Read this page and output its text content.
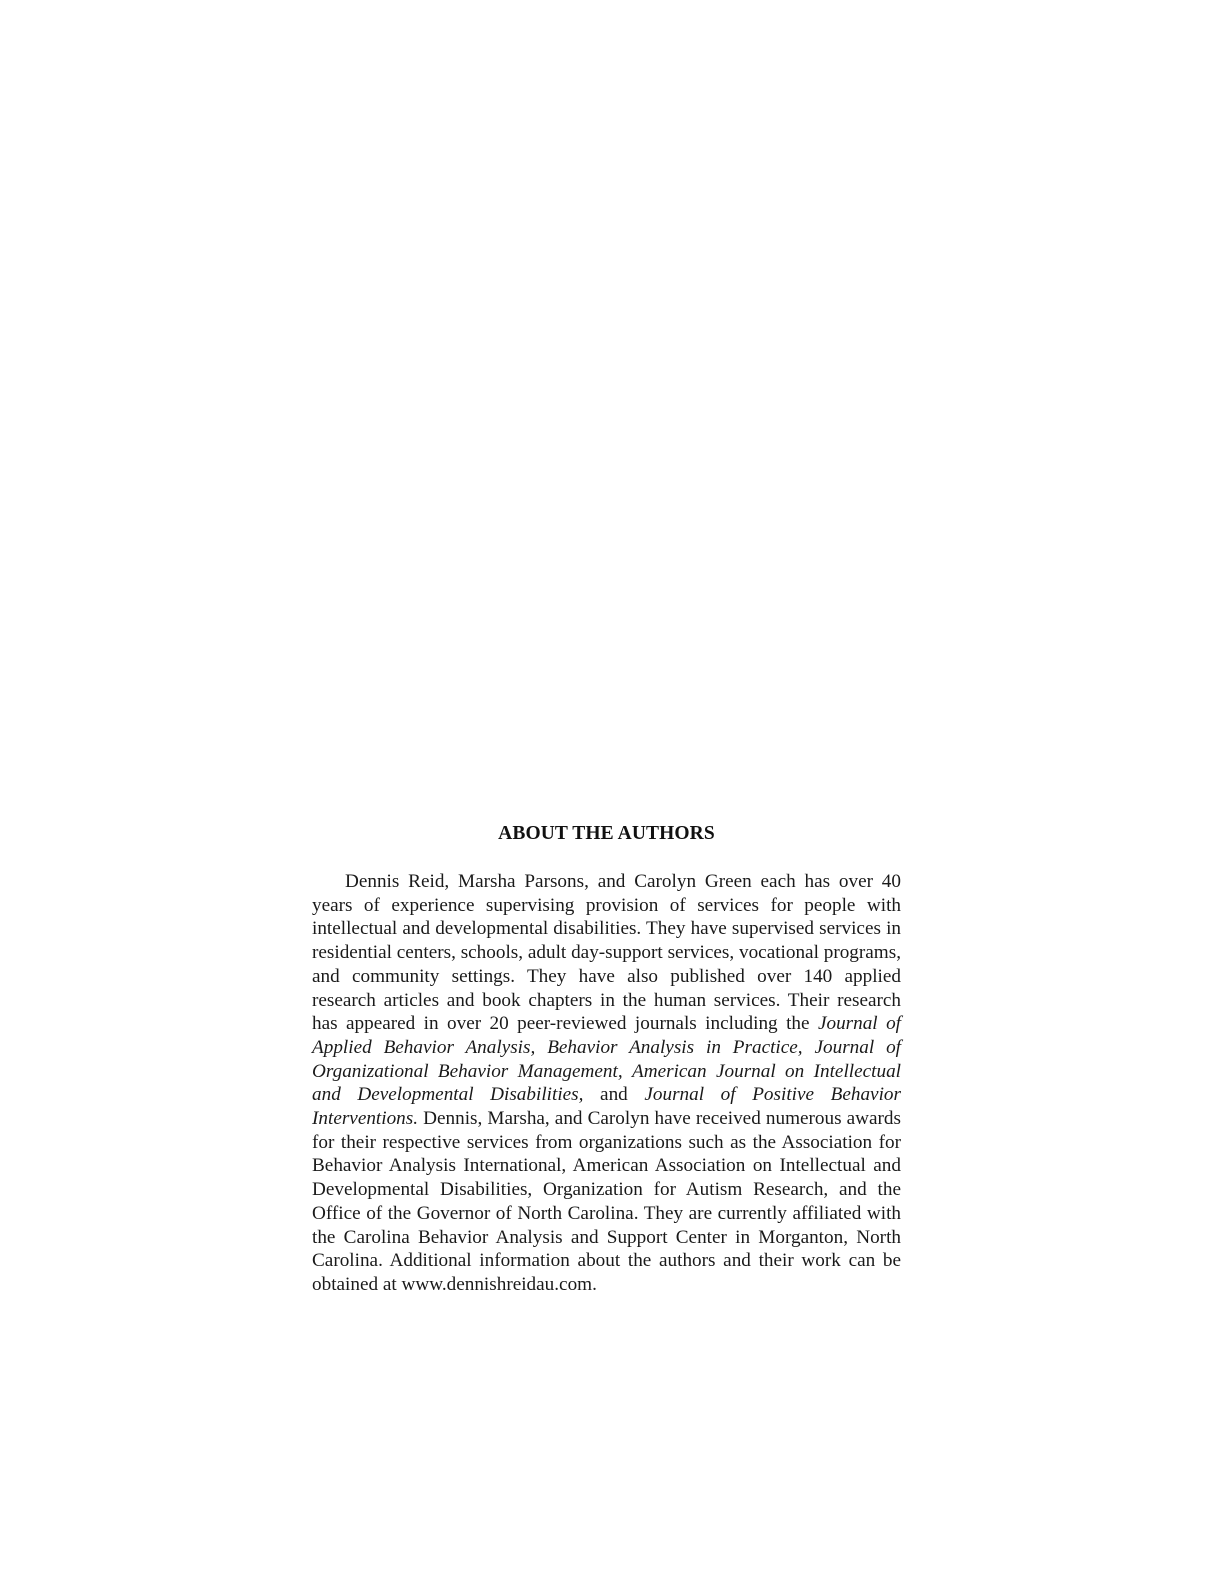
ABOUT THE AUTHORS

Dennis Reid, Marsha Parsons, and Carolyn Green each has over 40 years of experience supervising provision of services for people with intellectual and developmental disabilities. They have supervised services in residential centers, schools, adult day-support services, vocational programs, and community settings. They have also published over 140 applied research articles and book chapters in the human services. Their research has appeared in over 20 peer-reviewed journals including the Journal of Applied Behavior Analysis, Behavior Analysis in Practice, Journal of Organizational Behavior Management, American Journal on Intellectual and Developmental Disabilities, and Journal of Positive Behavior Interventions. Dennis, Marsha, and Carolyn have received numerous awards for their respective services from organizations such as the Association for Behavior Analysis International, American Association on Intellectual and Developmental Disabilities, Organization for Autism Research, and the Office of the Governor of North Carolina. They are currently affiliated with the Carolina Behavior Analysis and Support Center in Morganton, North Carolina. Additional information about the authors and their work can be obtained at www.dennishreidau.com.
